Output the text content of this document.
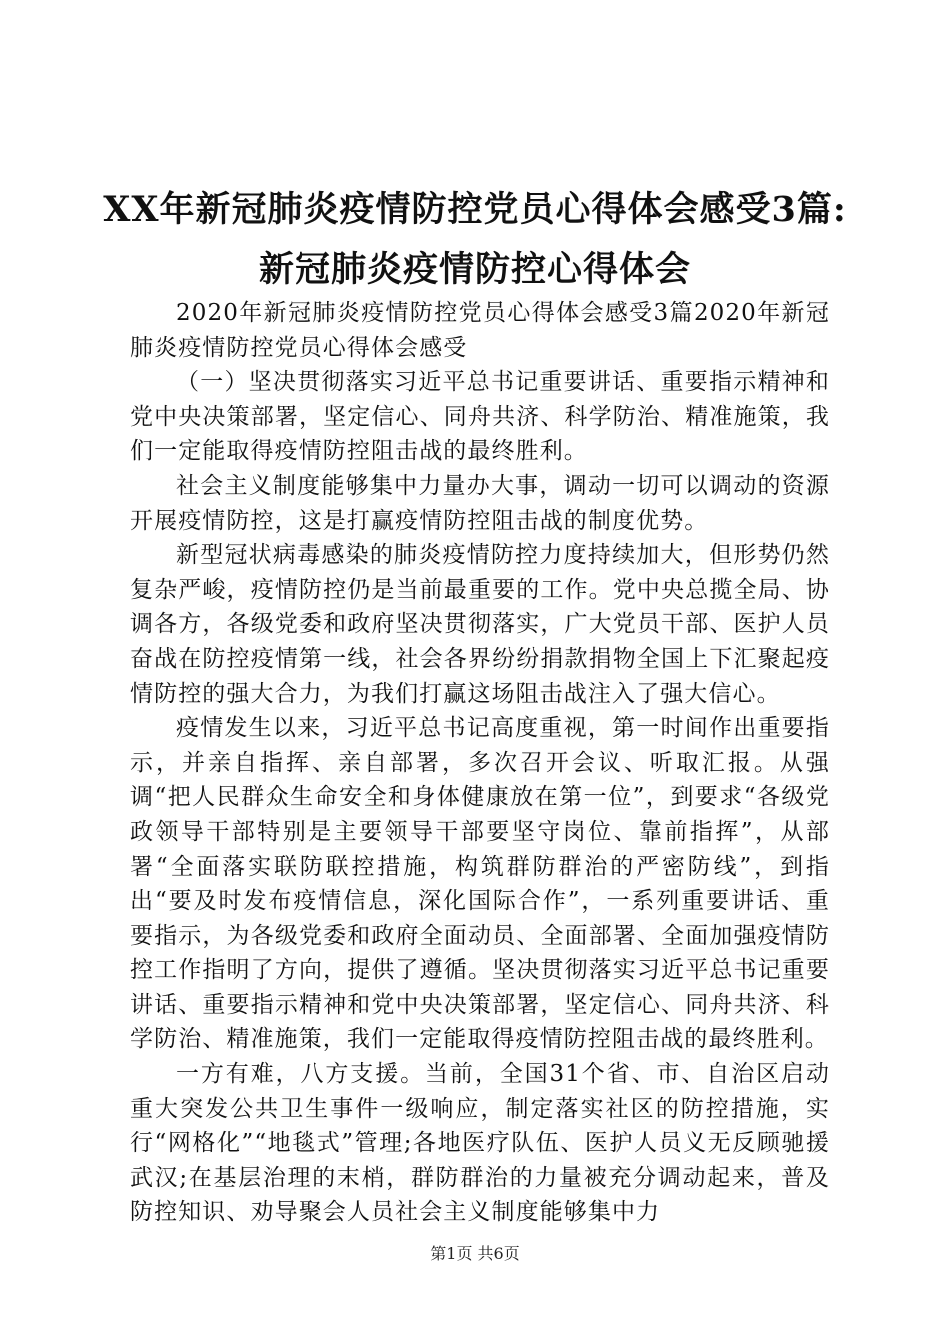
XX年新冠肺炎疫情防控党员心得体会感受3篇:
新冠肺炎疫情防控心得体会

2020年新冠肺炎疫情防控党员心得体会感受3篇2020年新冠肺炎疫情防控党员心得体会感受

（一）坚决贯彻落实习近平总书记重要讲话、重要指示精神和党中央决策部署，坚定信心、同舟共济、科学防治、精准施策，我们一定能取得疫情防控阻击战的最终胜利。

社会主义制度能够集中力量办大事，调动一切可以调动的资源开展疫情防控，这是打赢疫情防控阻击战的制度优势。

新型冠状病毒感染的肺炎疫情防控力度持续加大，但形势仍然复杂严峻，疫情防控仍是当前最重要的工作。党中央总揽全局、协调各方，各级党委和政府坚决贯彻落实，广大党员干部、医护人员奋战在防控疫情第一线，社会各界纷纷捐款捐物全国上下汇聚起疫情防控的强大合力，为我们打赢这场阻击战注入了强大信心。

疫情发生以来，习近平总书记高度重视，第一时间作出重要指示，并亲自指挥、亲自部署，多次召开会议、听取汇报。从强调“把人民群众生命安全和身体健康放在第一位”，到要求“各级党政领导干部特别是主要领导干部要坚守岗位、靠前指挥”，从部署“全面落实联防联控措施，构筑群防群治的严密防线”，到指出“要及时发布疫情信息，深化国际合作”，一系列重要讲话、重要指示，为各级党委和政府全面动员、全面部署、全面加强疫情防控工作指明了方向，提供了遵循。坚决贯彻落实习近平总书记重要讲话、重要指示精神和党中央决策部署，坚定信心、同舟共济、科学防治、精准施策，我们一定能取得疫情防控阻击战的最终胜利。

一方有难，八方支援。当前，全国31个省、市、自治区启动重大突发公共卫生事件一级响应，制定落实社区的防控措施，实行“网格化”“地毯式”管理;各地医疗队伍、医护人员义无反顾驰援武汉;在基层治理的末梢，群防群治的力量被充分调动起来，普及防控知识、劝导聚会人员社会主义制度能够集中力

第1页 共6页
